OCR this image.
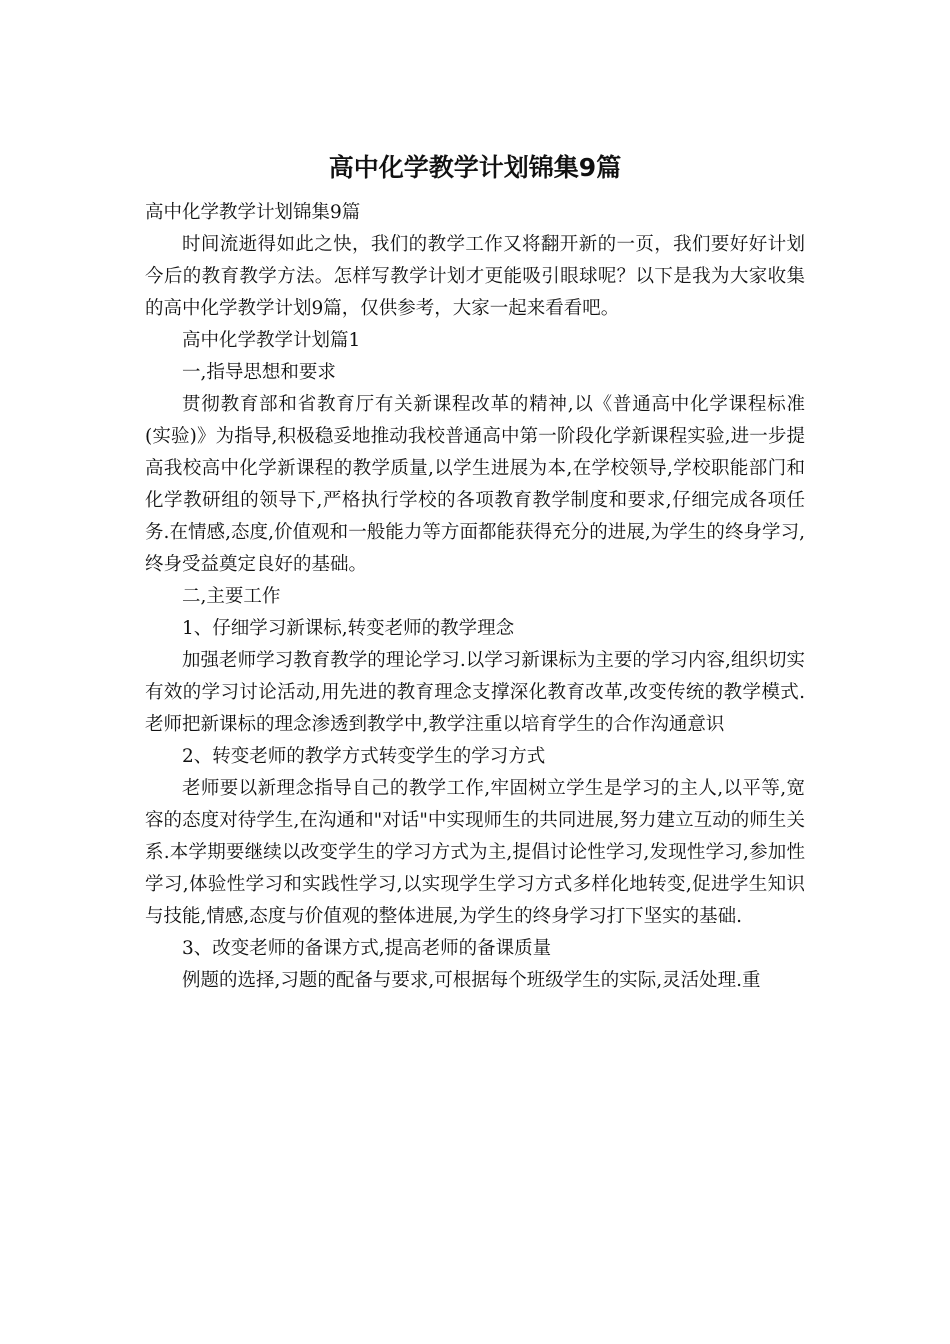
高中化学教学计划锦集9篇

高中化学教学计划锦集9篇

时间流逝得如此之快，我们的教学工作又将翻开新的一页，我们要好好计划今后的教育教学方法。怎样写教学计划才更能吸引眼球呢？以下是我为大家收集的高中化学教学计划9篇，仅供参考，大家一起来看看吧。

高中化学教学计划篇1

一,指导思想和要求

贯彻教育部和省教育厅有关新课程改革的精神,以《普通高中化学课程标准(实验)》为指导,积极稳妥地推动我校普通高中第一阶段化学新课程实验,进一步提高我校高中化学新课程的教学质量,以学生进展为本,在学校领导,学校职能部门和化学教研组的领导下,严格执行学校的各项教育教学制度和要求,仔细完成各项任务.在情感,态度,价值观和一般能力等方面都能获得充分的进展,为学生的终身学习,终身受益奠定良好的基础。

二,主要工作

1、仔细学习新课标,转变老师的教学理念

加强老师学习教育教学的理论学习.以学习新课标为主要的学习内容,组织切实有效的学习讨论活动,用先进的教育理念支撑深化教育改革,改变传统的教学模式.老师把新课标的理念渗透到教学中,教学注重以培育学生的合作沟通意识

2、转变老师的教学方式转变学生的学习方式

老师要以新理念指导自己的教学工作,牢固树立学生是学习的主人,以平等,宽容的态度对待学生,在沟通和"对话"中实现师生的共同进展,努力建立互动的师生关系.本学期要继续以改变学生的学习方式为主,提倡讨论性学习,发现性学习,参加性学习,体验性学习和实践性学习,以实现学生学习方式多样化地转变,促进学生知识与技能,情感,态度与价值观的整体进展,为学生的终身学习打下坚实的基础.

3、改变老师的备课方式,提高老师的备课质量

例题的选择,习题的配备与要求,可根据每个班级学生的实际,灵活处理.重
